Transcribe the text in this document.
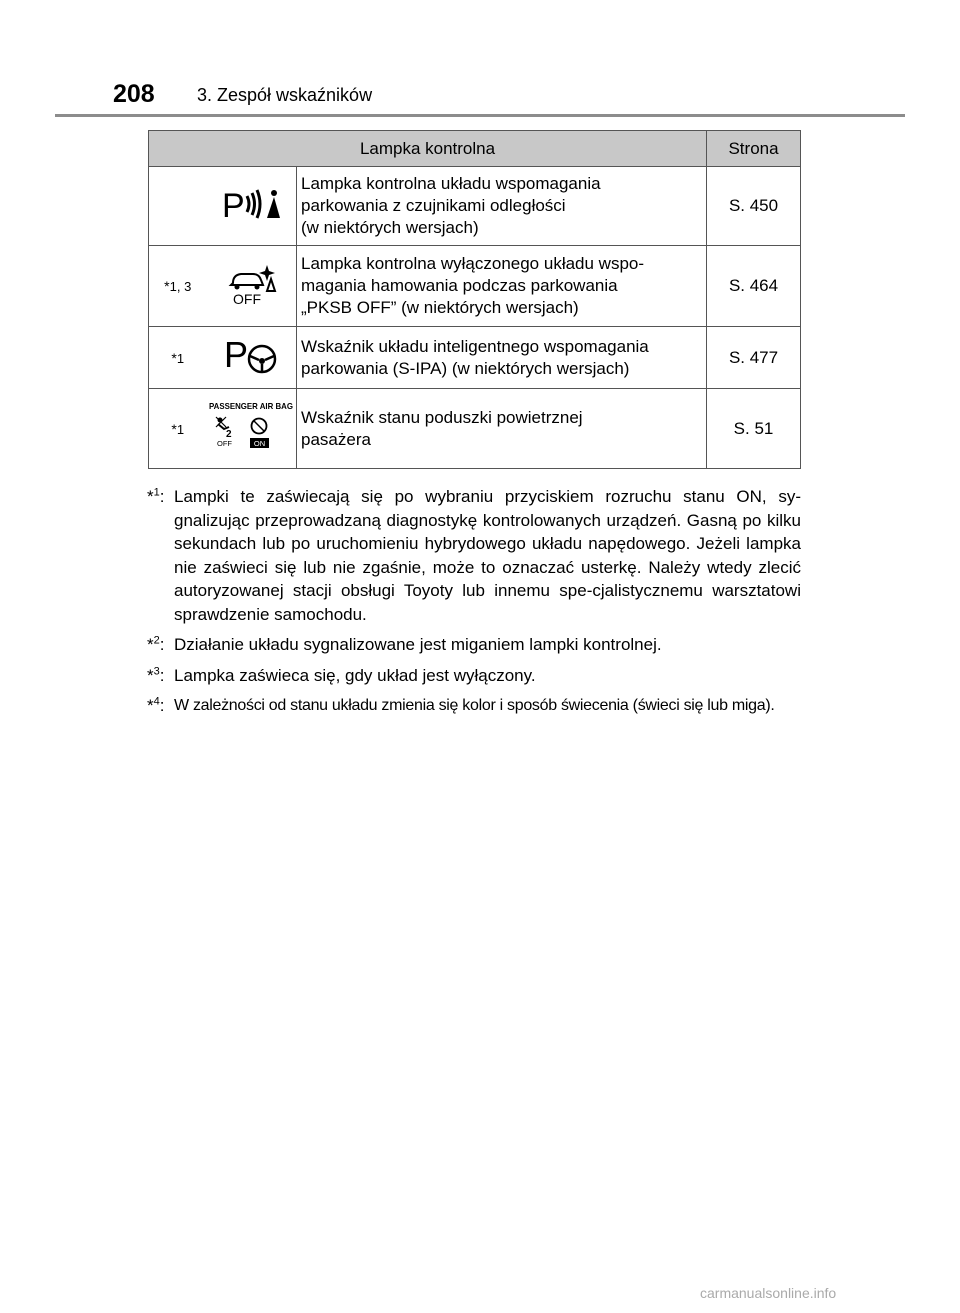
208 3. Zespół wskaźników
Lampka kontrolna			Strona

P	Lampka kontrolna układu wspomagania
parkowania z czujnikami odległości
(w niektórych wersjach)	S. 450
*1, 3	OFF	Lampka kontrolna wyłączonego układu wspo-
magania hamowania podczas parkowania
„PKSB OFF” (w niektórych wersjach)	S. 464
*1	P	Wskaźnik układu inteligentnego wspomagania
parkowania (S-IPA) (w niektórych wersjach)	S. 477
*1	PASSENGER AIR BAG
2
OFF ON	Wskaźnik stanu poduszki powietrznej
pasażera	S. 51
*$^1$: Lampki te zaświecają się po wybraniu przyciskiem rozruchu stanu ON, sy-gnalizując przeprowadzaną diagnostykę kontrolowanych urządzeń. Gasną po kilku sekundach lub po uruchomieniu hybrydowego układu napędowego. Jeżeli lampka nie zaświeci się lub nie zgaśnie, może to oznaczać usterkę. Należy wtedy zlecić autoryzowanej stacji obsługi Toyoty lub innemu spe-cjalistycznemu warsztatowi sprawdzenie samochodu.
*$^2$: Działanie układu sygnalizowane jest miganiem lampki kontrolnej.
*$^3$: Lampka zaświeca się, gdy układ jest wyłączony.
*$^4$: W zależności od stanu układu zmienia się kolor i sposób świecenia (świeci się lub miga).
carmanualsonline.info
